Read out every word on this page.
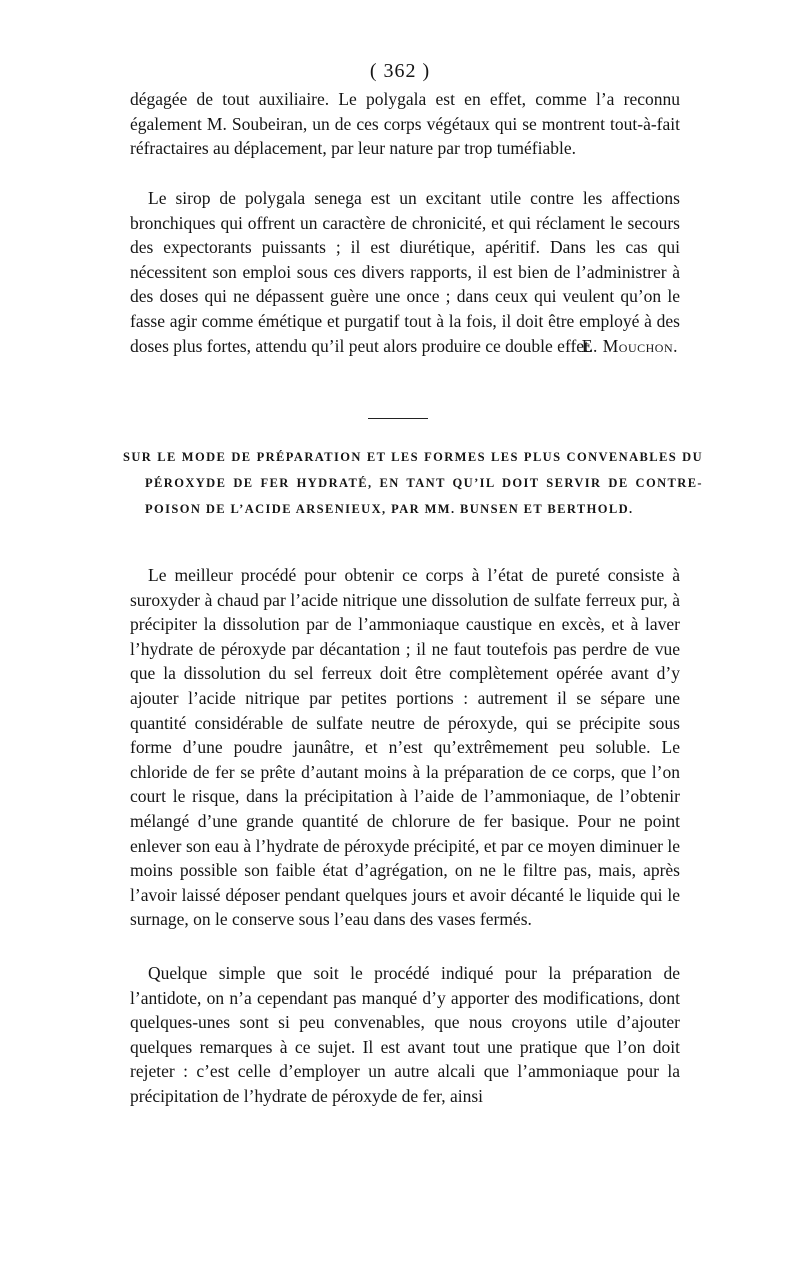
( 362 )

dégagée de tout auxiliaire. Le polygala est en effet, comme l’a reconnu également M. Soubeiran, un de ces corps végétaux qui se montrent tout-à-fait réfractaires au déplacement, par leur nature par trop tuméfiable.

Le sirop de polygala senega est un excitant utile contre les affections bronchiques qui offrent un caractère de chronicité, et qui réclament le secours des expectorants puissants ; il est diurétique, apéritif. Dans les cas qui nécessitent son emploi sous ces divers rapports, il est bien de l’administrer à des doses qui ne dépassent guère une once ; dans ceux qui veulent qu’on le fasse agir comme émétique et purgatif tout à la fois, il doit être employé à des doses plus fortes, attendu qu’il peut alors produire ce double effet.
E. Mouchon.

SUR LE MODE DE PRÉPARATION ET LES FORMES LES PLUS CONVENABLES DU PÉROXYDE DE FER HYDRATÉ, EN TANT QU’IL DOIT SERVIR DE CONTRE-POISON DE L’ACIDE ARSENIEUX, PAR MM. BUNSEN ET BERTHOLD.

Le meilleur procédé pour obtenir ce corps à l’état de pureté consiste à suroxyder à chaud par l’acide nitrique une dissolution de sulfate ferreux pur, à précipiter la dissolution par de l’ammoniaque caustique en excès, et à laver l’hydrate de péroxyde par décantation ; il ne faut toutefois pas perdre de vue que la dissolution du sel ferreux doit être complètement opérée avant d’y ajouter l’acide nitrique par petites portions : autrement il se sépare une quantité considérable de sulfate neutre de péroxyde, qui se précipite sous forme d’une poudre jaunâtre, et n’est qu’extrêmement peu soluble. Le chloride de fer se prête d’autant moins à la préparation de ce corps, que l’on court le risque, dans la précipitation à l’aide de l’ammoniaque, de l’obtenir mélangé d’une grande quantité de chlorure de fer basique. Pour ne point enlever son eau à l’hydrate de péroxyde précipité, et par ce moyen diminuer le moins possible son faible état d’agrégation, on ne le filtre pas, mais, après l’avoir laissé déposer pendant quelques jours et avoir décanté le liquide qui le surnage, on le conserve sous l’eau dans des vases fermés.

Quelque simple que soit le procédé indiqué pour la préparation de l’antidote, on n’a cependant pas manqué d’y apporter des modifications, dont quelques-unes sont si peu convenables, que nous croyons utile d’ajouter quelques remarques à ce sujet. Il est avant tout une pratique que l’on doit rejeter : c’est celle d’employer un autre alcali que l’ammoniaque pour la précipitation de l’hydrate de péroxyde de fer, ainsi
